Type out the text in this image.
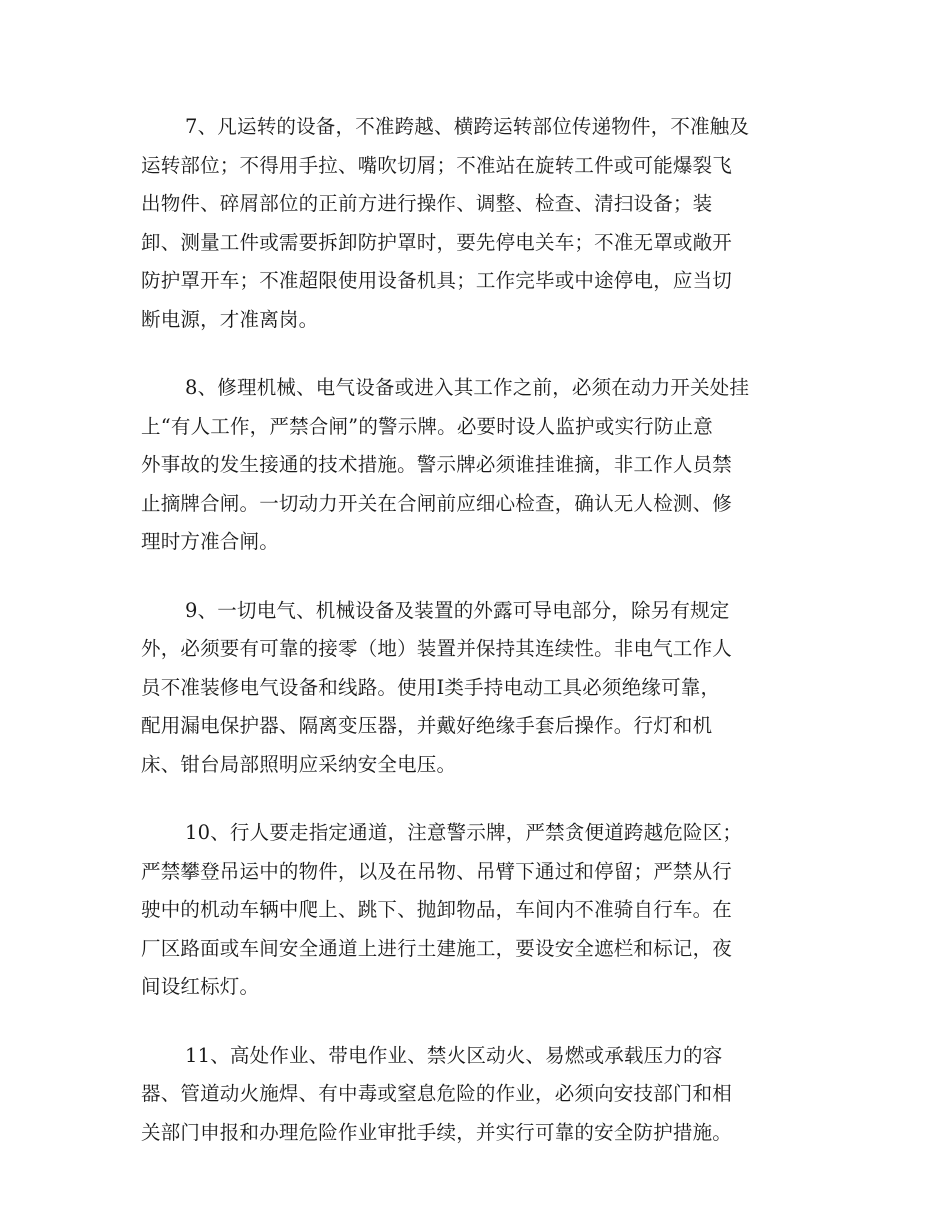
7、凡运转的设备，不准跨越、横跨运转部位传递物件，不准触及
运转部位；不得用手拉、嘴吹切屑；不准站在旋转工件或可能爆裂飞
出物件、碎屑部位的正前方进行操作、调整、检查、清扫设备；装
卸、测量工件或需要拆卸防护罩时，要先停电关车；不准无罩或敞开
防护罩开车；不准超限使用设备机具；工作完毕或中途停电，应当切
断电源，才准离岗。
8、修理机械、电气设备或进入其工作之前，必须在动力开关处挂
上“有人工作，严禁合闸”的警示牌。必要时设人监护或实行防止意
外事故的发生接通的技术措施。警示牌必须谁挂谁摘，非工作人员禁
止摘牌合闸。一切动力开关在合闸前应细心检查，确认无人检测、修
理时方准合闸。
9、一切电气、机械设备及装置的外露可导电部分，除另有规定
外，必须要有可靠的接零（地）装置并保持其连续性。非电气工作人
员不准装修电气设备和线路。使用Ⅰ类手持电动工具必须绝缘可靠，
配用漏电保护器、隔离变压器，并戴好绝缘手套后操作。行灯和机
床、钳台局部照明应采纳安全电压。
10、行人要走指定通道，注意警示牌，严禁贪便道跨越危险区；
严禁攀登吊运中的物件，以及在吊物、吊臂下通过和停留；严禁从行
驶中的机动车辆中爬上、跳下、抛卸物品，车间内不准骑自行车。在
厂区路面或车间安全通道上进行土建施工，要设安全遮栏和标记，夜
间设红标灯。
11、高处作业、带电作业、禁火区动火、易燃或承载压力的容
器、管道动火施焊、有中毒或窒息危险的作业，必须向安技部门和相
关部门申报和办理危险作业审批手续，并实行可靠的安全防护措施。
